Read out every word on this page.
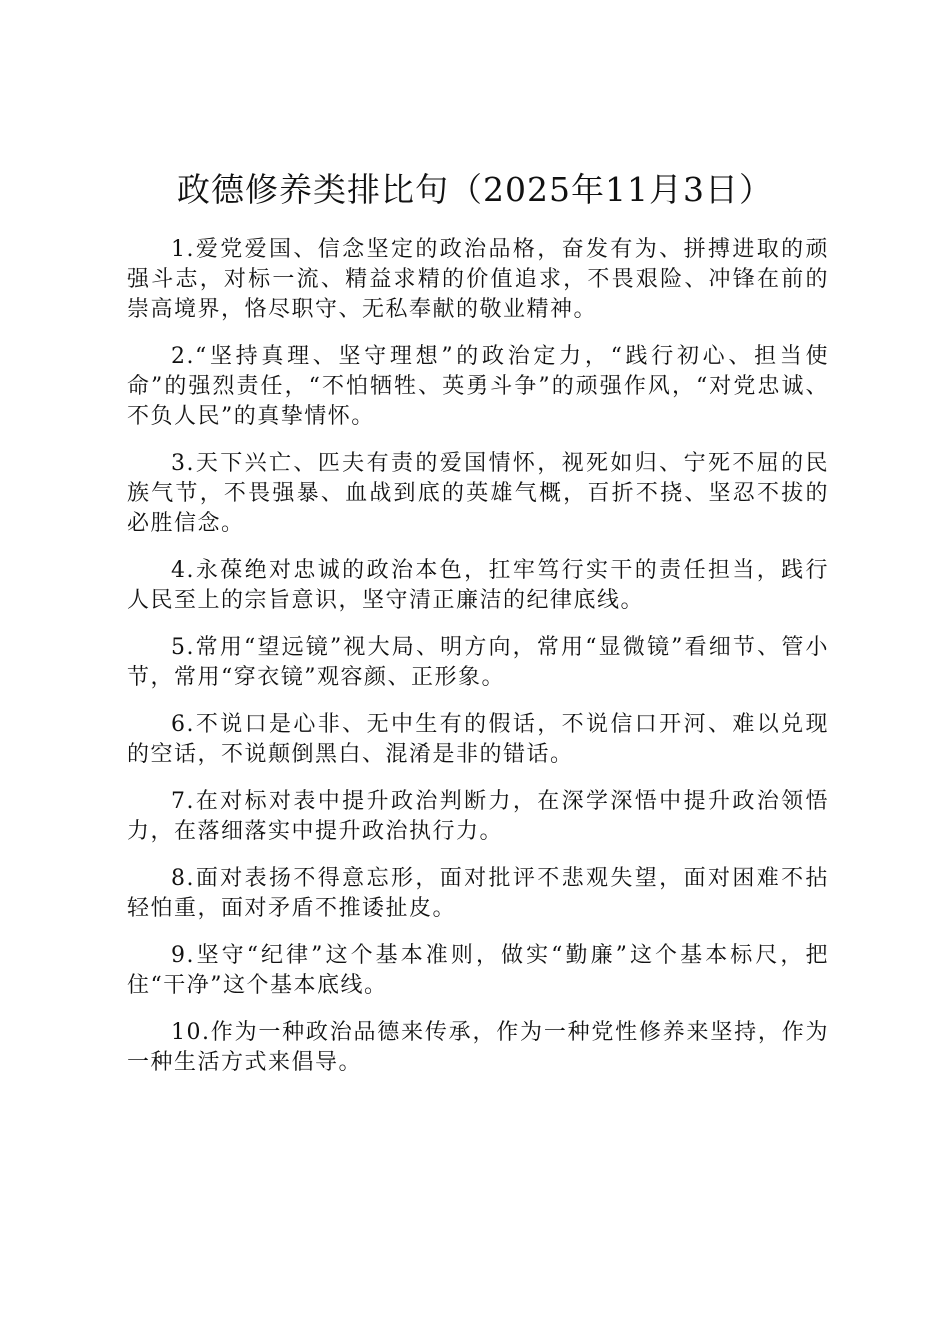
政德修养类排比句（2025年11月3日）

1.爱党爱国、信念坚定的政治品格，奋发有为、拼搏进取的顽强斗志，对标一流、精益求精的价值追求，不畏艰险、冲锋在前的崇高境界，恪尽职守、无私奉献的敬业精神。

2.“坚持真理、坚守理想”的政治定力，“践行初心、担当使命”的强烈责任，“不怕牺牲、英勇斗争”的顽强作风，“对党忠诚、不负人民”的真挚情怀。

3.天下兴亡、匹夫有责的爱国情怀，视死如归、宁死不屈的民族气节，不畏强暴、血战到底的英雄气概，百折不挠、坚忍不拔的必胜信念。

4.永葆绝对忠诚的政治本色，扛牢笃行实干的责任担当，践行人民至上的宗旨意识，坚守清正廉洁的纪律底线。

5.常用“望远镜”视大局、明方向，常用“显微镜”看细节、管小节，常用“穿衣镜”观容颜、正形象。

6.不说口是心非、无中生有的假话，不说信口开河、难以兑现的空话，不说颠倒黑白、混淆是非的错话。

7.在对标对表中提升政治判断力，在深学深悟中提升政治领悟力，在落细落实中提升政治执行力。

8.面对表扬不得意忘形，面对批评不悲观失望，面对困难不拈轻怕重，面对矛盾不推诿扯皮。

9.坚守“纪律”这个基本准则，做实“勤廉”这个基本标尺，把住“干净”这个基本底线。

10.作为一种政治品德来传承，作为一种党性修养来坚持，作为一种生活方式来倡导。
